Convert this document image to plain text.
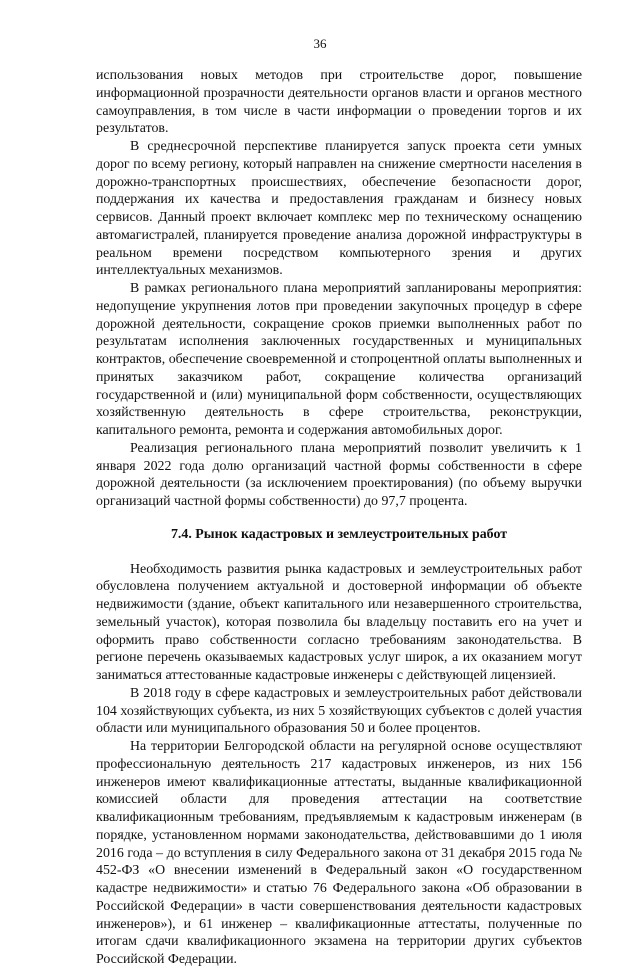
36

использования новых методов при строительстве дорог, повышение информационной прозрачности деятельности органов власти и органов местного самоуправления, в том числе в части информации о проведении торгов и их результатов.

В среднесрочной перспективе планируется запуск проекта сети умных дорог по всему региону, который направлен на снижение смертности населения в дорожно-транспортных происшествиях, обеспечение безопасности дорог, поддержания их качества и предоставления гражданам и бизнесу новых сервисов. Данный проект включает комплекс мер по техническому оснащению автомагистралей, планируется проведение анализа дорожной инфраструктуры в реальном времени посредством компьютерного зрения и других интеллектуальных механизмов.

В рамках регионального плана мероприятий запланированы мероприятия: недопущение укрупнения лотов при проведении закупочных процедур в сфере дорожной деятельности, сокращение сроков приемки выполненных работ по результатам исполнения заключенных государственных и муниципальных контрактов, обеспечение своевременной и стопроцентной оплаты выполненных и принятых заказчиком работ, сокращение количества организаций государственной и (или) муниципальной форм собственности, осуществляющих хозяйственную деятельность в сфере строительства, реконструкции, капитального ремонта, ремонта и содержания автомобильных дорог.

Реализация регионального плана мероприятий позволит увеличить к 1 января 2022 года долю организаций частной формы собственности в сфере дорожной деятельности (за исключением проектирования) (по объему выручки организаций частной формы собственности) до 97,7 процента.

7.4. Рынок кадастровых и землеустроительных работ

Необходимость развития рынка кадастровых и землеустроительных работ обусловлена получением актуальной и достоверной информации об объекте недвижимости (здание, объект капитального или незавершенного строительства, земельный участок), которая позволила бы владельцу поставить его на учет и оформить право собственности согласно требованиям законодательства. В регионе перечень оказываемых кадастровых услуг широк, а их оказанием могут заниматься аттестованные кадастровые инженеры с действующей лицензией.

В 2018 году в сфере кадастровых и землеустроительных работ действовали 104 хозяйствующих субъекта, из них 5 хозяйствующих субъектов с долей участия области или муниципального образования 50 и более процентов.

На территории Белгородской области на регулярной основе осуществляют профессиональную деятельность 217 кадастровых инженеров, из них 156 инженеров имеют квалификационные аттестаты, выданные квалификационной комиссией области для проведения аттестации на соответствие квалификационным требованиям, предъявляемым к кадастровым инженерам (в порядке, установленном нормами законодательства, действовавшими до 1 июля 2016 года – до вступления в силу Федерального закона от 31 декабря 2015 года № 452-ФЗ «О внесении изменений в Федеральный закон «О государственном кадастре недвижимости» и статью 76 Федерального закона «Об образовании в Российской Федерации» в части совершенствования деятельности кадастровых инженеров»), и 61 инженер – квалификационные аттестаты, полученные по итогам сдачи квалификационного экзамена на территории других субъектов Российской Федерации.
